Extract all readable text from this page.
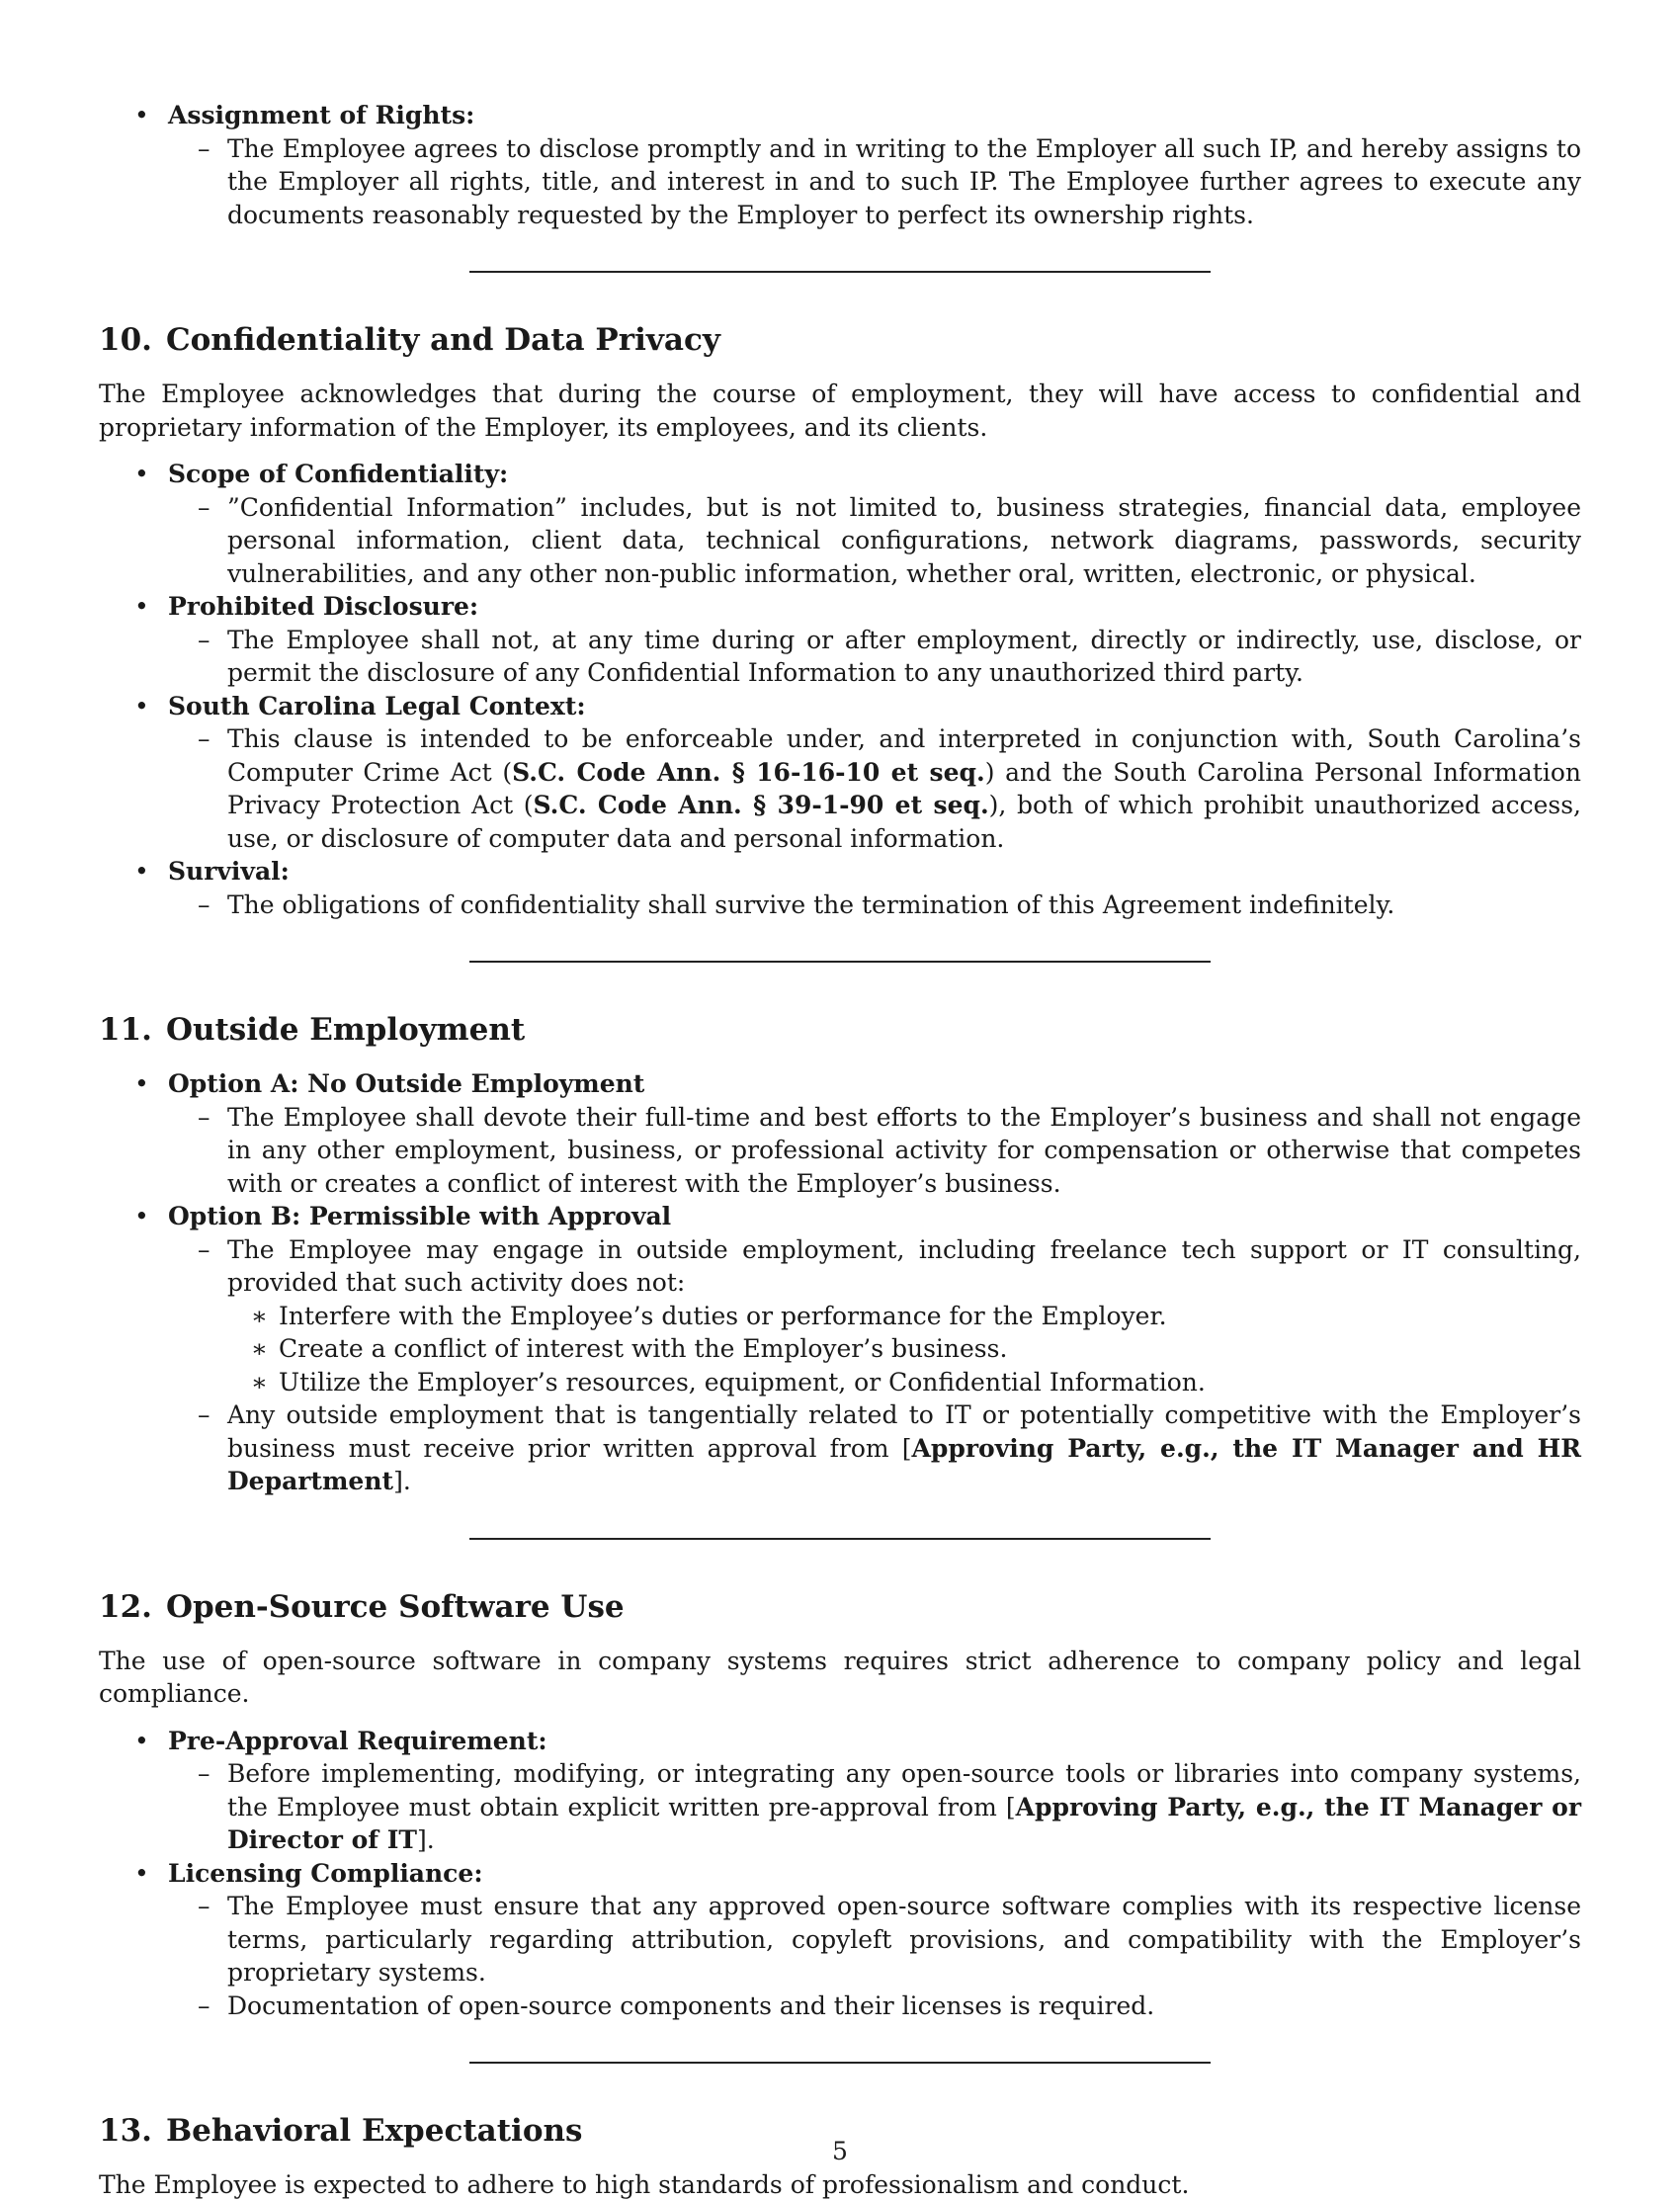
• Assignment of Rights:
– The Employee agrees to disclose promptly and in writing to the Employer all such IP, and hereby assigns to the Employer all rights, title, and interest in and to such IP. The Employee further agrees to execute any documents reasonably requested by the Employer to perfect its ownership rights.
10. Confidentiality and Data Privacy

The Employee acknowledges that during the course of employment, they will have access to confidential and proprietary information of the Employer, its employees, and its clients.

• Scope of Confidentiality:
– ”Confidential Information” includes, but is not limited to, business strategies, financial data, employee personal information, client data, technical configurations, network diagrams, passwords, security vulnerabilities, and any other non-public information, whether oral, written, electronic, or physical.
• Prohibited Disclosure:
– The Employee shall not, at any time during or after employment, directly or indirectly, use, disclose, or permit the disclosure of any Confidential Information to any unauthorized third party.
• South Carolina Legal Context:
– This clause is intended to be enforceable under, and interpreted in conjunction with, South Carolina’s Computer Crime Act (S.C. Code Ann. § 16-16-10 et seq.) and the South Carolina Personal Information Privacy Protection Act (S.C. Code Ann. § 39-1-90 et seq.), both of which prohibit unauthorized access, use, or disclosure of computer data and personal information.
• Survival:
– The obligations of confidentiality shall survive the termination of this Agreement indefinitely.
11. Outside Employment
• Option A: No Outside Employment
– The Employee shall devote their full-time and best efforts to the Employer’s business and shall not engage in any other employment, business, or professional activity for compensation or otherwise that competes with or creates a conflict of interest with the Employer’s business.
• Option B: Permissible with Approval
– The Employee may engage in outside employment, including freelance tech support or IT consulting, provided that such activity does not:
∗ Interfere with the Employee’s duties or performance for the Employer.
∗ Create a conflict of interest with the Employer’s business.
∗ Utilize the Employer’s resources, equipment, or Confidential Information.
– Any outside employment that is tangentially related to IT or potentially competitive with the Employer’s business must receive prior written approval from [Approving Party, e.g., the IT Manager and HR Department].
12. Open-Source Software Use

The use of open-source software in company systems requires strict adherence to company policy and legal compliance.

• Pre-Approval Requirement:
– Before implementing, modifying, or integrating any open-source tools or libraries into company systems, the Employee must obtain explicit written pre-approval from [Approving Party, e.g., the IT Manager or Director of IT].
• Licensing Compliance:
– The Employee must ensure that any approved open-source software complies with its respective license terms, particularly regarding attribution, copyleft provisions, and compatibility with the Employer’s proprietary systems.
– Documentation of open-source components and their licenses is required.
13. Behavioral Expectations

The Employee is expected to adhere to high standards of professionalism and conduct.

5
